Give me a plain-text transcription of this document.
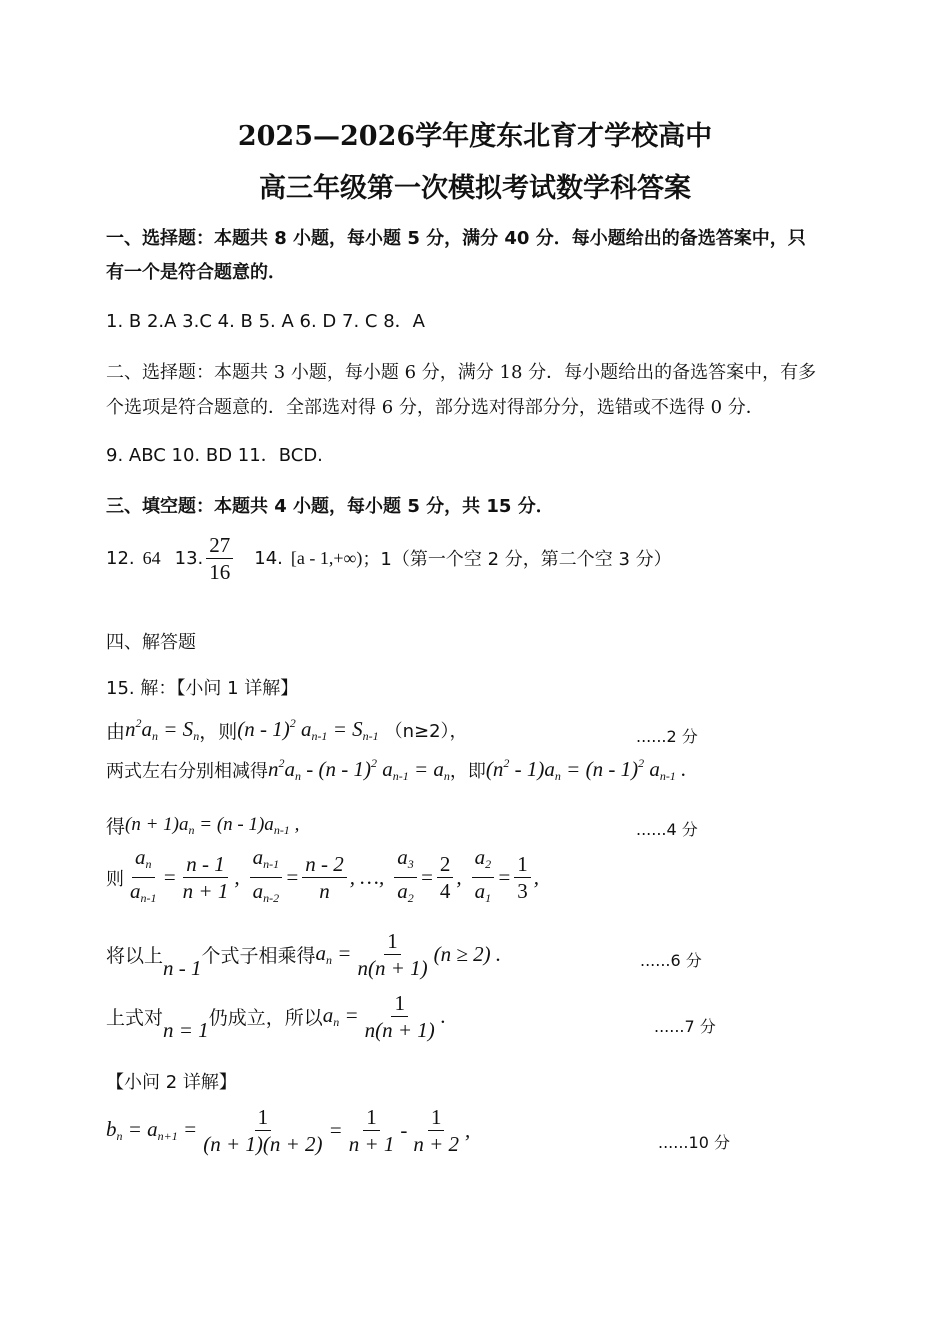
2025—2026学年度东北育才学校高中
高三年级第一次模拟考试数学科答案
一、选择题：本题共 8 小题，每小题 5 分，满分 40 分．每小题给出的备选答案中，只
有一个是符合题意的．
1. B 2.A 3.C 4. B 5. A 6. D 7. C 8．A
二、选择题：本题共 3 小题，每小题 6 分，满分 18 分．每小题给出的备选答案中，有多
个选项是符合题意的．全部选对得 6 分，部分选对得部分分，选错或不选得 0 分．
9. ABC 10. BD 11．BCD.
三、填空题：本题共 4 小题，每小题 5 分，共 15 分．
12. 64 13. $\frac{27}{16} 14$. [a - 1,+∞) ；1（第一个空 2 分，第二个空 3 分）
四、解答题
15. 解：【小问 1 详解】
由 $n^2a_n = S_n$ ，则 (n - 1)$^2$ $a_{n-1} = S_{n-1}$ （n≥2），	......2 分
两式左右分别相减得 $n^2a_n - (n - 1)^2$ $a_{n-1} = a_n$ ，即 $(n^2 - 1)a_n = (n - 1)^2$ $a_{n-1}$ .
得 $(n + 1)a_n = (n - 1)a_{n-1}$ ,	......4 分
则 $\frac{a_n}{a_{n-1}} = \frac{n - 1}{n + 1}$ , $\frac{a_{n-1}}{a_{n-2}} = \frac{n - 2}{n}$ , …, $\frac{a_3}{a_2} = \frac{2}{4}$ , $\frac{a_2}{a_1} = \frac{1}{3}$ ,
将以上 n - 1 个式子相乘得 $a_n = \frac{1}{n(n + 1)} (n \ge 2)$ .	......6 分
上式对 n = 1 仍成立，所以 $a_n = \frac{1}{n(n + 1)}$ .	......7 分
【小问 2 详解】
$b_n = a_{n+1} = \frac{1}{(n + 1)(n + 2)} = \frac{1}{n + 1} - \frac{1}{n + 2}$ ,
......10 分
